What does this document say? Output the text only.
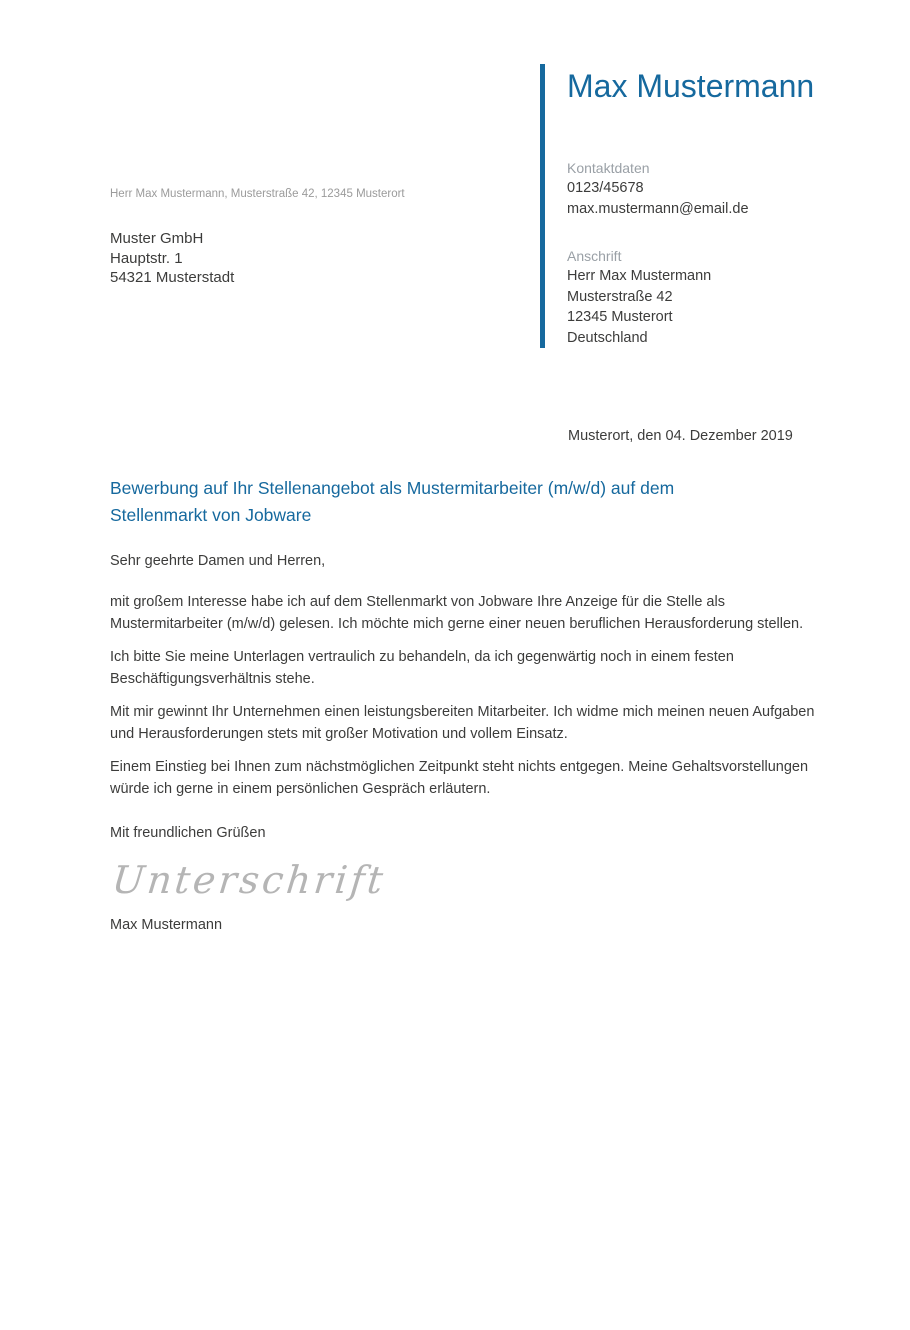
Max Mustermann
Kontaktdaten
0123/45678
max.mustermann@email.de
Anschrift
Herr Max Mustermann
Musterstraße 42
12345 Musterort
Deutschland
Herr Max Mustermann, Musterstraße 42, 12345 Musterort
Muster GmbH
Hauptstr. 1
54321 Musterstadt
Musterort, den 04. Dezember 2019
Bewerbung auf Ihr Stellenangebot als Mustermitarbeiter (m/w/d) auf dem Stellenmarkt von Jobware

Sehr geehrte Damen und Herren,

mit großem Interesse habe ich auf dem Stellenmarkt von Jobware Ihre Anzeige für die Stelle als Mustermitarbeiter (m/w/d) gelesen. Ich möchte mich gerne einer neuen beruflichen Herausforderung stellen.

Ich bitte Sie meine Unterlagen vertraulich zu behandeln, da ich gegenwärtig noch in einem festen Beschäftigungsverhältnis stehe.

Mit mir gewinnt Ihr Unternehmen einen leistungsbereiten Mitarbeiter. Ich widme mich meinen neuen Aufgaben und Herausforderungen stets mit großer Motivation und vollem Einsatz.

Einem Einstieg bei Ihnen zum nächstmöglichen Zeitpunkt steht nichts entgegen. Meine Gehaltsvorstellungen würde ich gerne in einem persönlichen Gespräch erläutern.

Mit freundlichen Grüßen

Unterschrift

Max Mustermann
